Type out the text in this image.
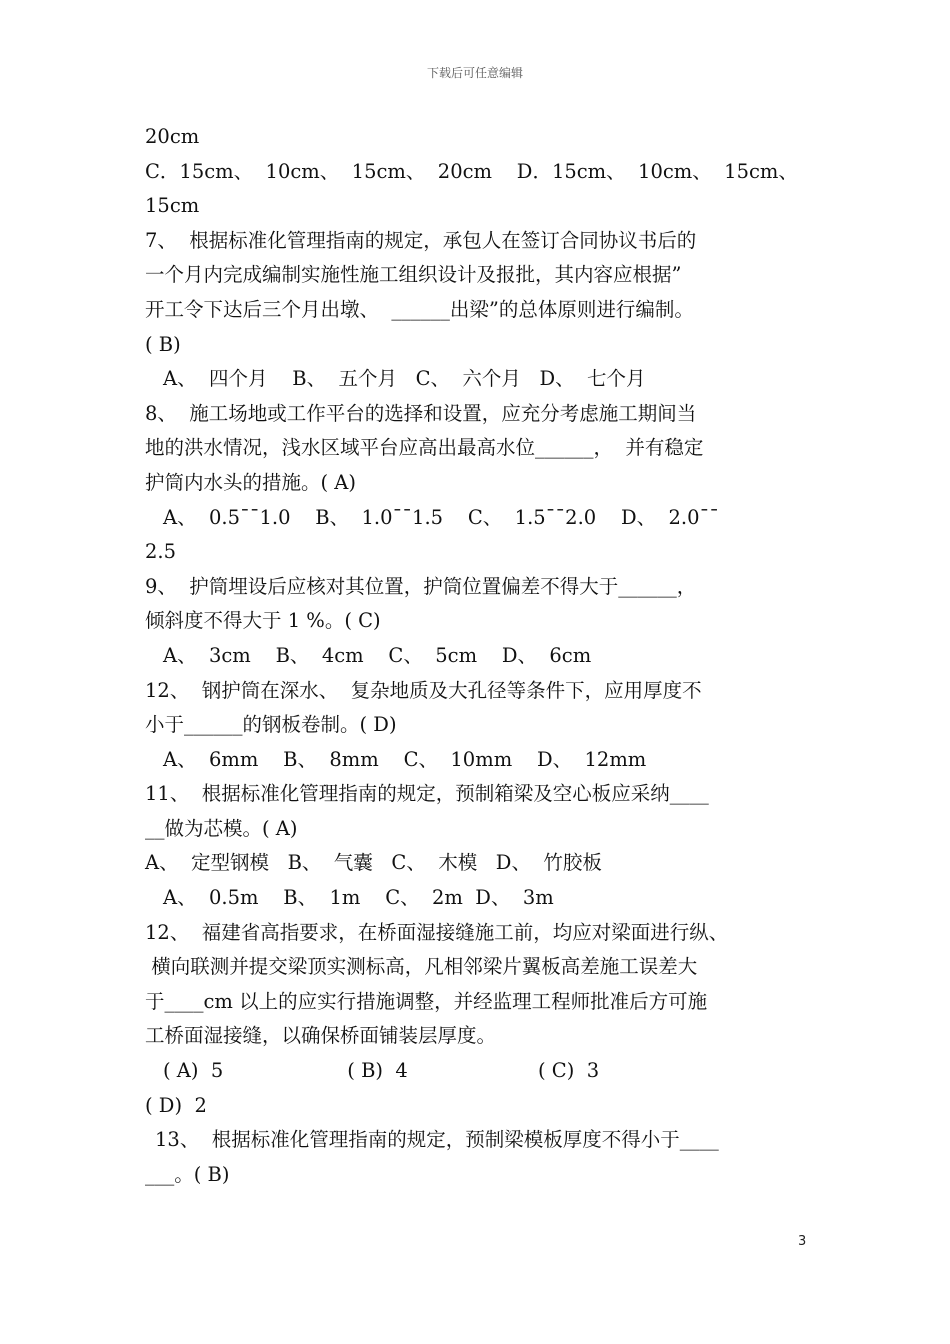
下载后可任意编辑
20cm
C．15cm、  10cm、  15cm、  20cm    D．15cm、  10cm、  15cm、
15cm
7、  根据标准化管理指南的规定，承包人在签订合同协议书后的
一个月内完成编制实施性施工组织设计及报批，其内容应根据”
开工令下达后三个月出墩、  ______出梁”的总体原则进行编制。
( B)
A、  四个月    B、  五个月   C、  六个月   D、  七个月
8、  施工场地或工作平台的选择和设置，应充分考虑施工期间当
地的洪水情况，浅水区域平台应高出最高水位______，  并有稳定
护筒内水头的措施。( A)
A、  0.5¯¯1.0    B、  1.0¯¯1.5    C、  1.5¯¯2.0    D、  2.0¯¯
2.5
9、  护筒埋设后应核对其位置，护筒位置偏差不得大于______，
倾斜度不得大于 1 %。( C)
A、  3cm    B、  4cm    C、  5cm    D、  6cm
12、  钢护筒在深水、  复杂地质及大孔径等条件下，应用厚度不
小于______的钢板卷制。( D)
A、  6mm    B、  8mm    C、  10mm    D、  12mm
11、  根据标准化管理指南的规定，预制箱梁及空心板应采纳____
__做为芯模。( A)
A、  定型钢模   B、  气囊   C、  木模   D、  竹胶板
A、  0.5m    B、  1m    C、  2m  D、  3m
12、  福建省高指要求，在桥面湿接缝施工前，均应对梁面进行纵、
横向联测并提交梁顶实测标高，凡相邻梁片翼板高差施工误差大
于____cm 以上的应实行措施调整，并经监理工程师批准后方可施
工桥面湿接缝，以确保桥面铺装层厚度。
( A)  5                    ( B)  4                     ( C)  3
( D)  2
13、  根据标准化管理指南的规定，预制梁模板厚度不得小于____
___。( B)
3
